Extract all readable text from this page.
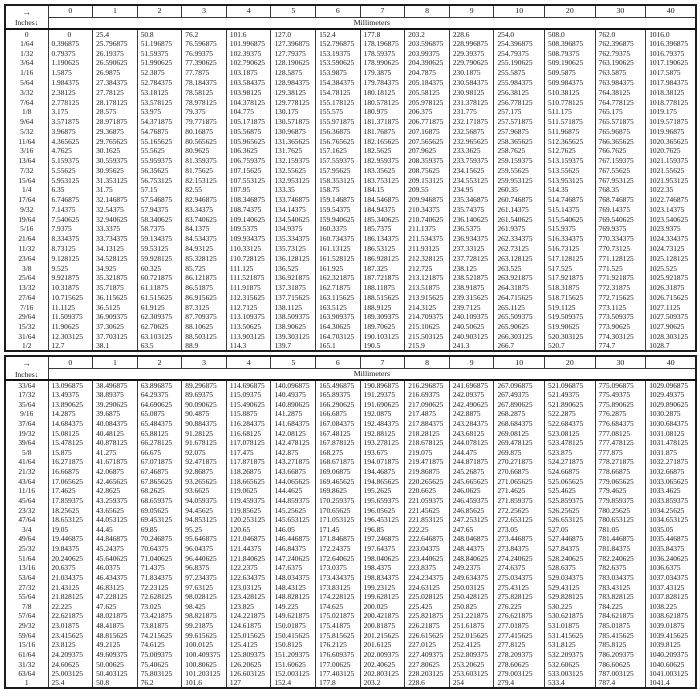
→
Inches↓	0	1	2	3	4	5	6	7	8	9	10	20	30	40
	Millimeters													
0	0	25.4	50.8	76.2	101.6	127.0	152.4	177.8	203.2	228.6	254.0	508.0	762.0	1016.0
1/64	0.396875	25.796875	51.196875	76.596875	101.996875	127.396875	152.796875	178.196875	203.596875	228.996875	254.396875	508.396875	762.396875	1016.396875
1/32	0.79375	26.19375	51.59375	76.99375	102.39375	127.79375	153.19375	178.59375	203.99375	229.39375	254.79375	508.79375	762.79375	1016.79375
3/64	1.190625	26.590625	51.990625	77.390625	102.790625	128.190625	153.590625	178.990625	204.390625	229.790625	255.190625	509.190625	763.190625	1017.190625
1/16	1.5875	26.9875	52.3875	77.7875	103.1875	128.5875	153.9875	179.3875	204.7875	230.1875	255.5875	509.5875	763.5875	1017.5875
5/64	1.984375	27.384375	52.784375	78.184375	103.584375	128.984375	154.384375	179.784375	205.184375	230.584375	255.984375	509.984375	763.984375	1017.984375
3/32	2.38125	27.78125	53.18125	78.58125	103.98125	129.38125	154.78125	180.18125	205.58125	230.98125	256.38125	510.38125	764.38125	1018.38125
7/64	2.778125	28.178125	53.578125	78.978125	104.378125	129.778125	155.178125	180.578125	205.978125	231.378125	256.778125	510.778125	764.778125	1018.778125
1/8	3.175	28.575	53.975	79.375	104.775	130.175	155.575	180.975	206.375	231.775	257.175	511.175	765.175	1019.175
9/64	3.571875	28.971875	54.371875	79.771875	105.171875	130.571875	155.971875	181.371875	206.771875	232.171875	257.571875	511.571875	765.571875	1019.571875
5/32	3.96875	29.36875	54.76875	80.16875	105.56875	130.96875	156.36875	181.76875	207.16875	232.56875	257.96875	511.96875	765.96875	1019.96875
11/64	4.365625	29.765625	55.165625	80.565625	105.965625	131.365625	156.765625	182.165625	207.565625	232.965625	258.365625	512.365625	766.365625	1020.365625
3/16	4.7625	30.1625	55.5625	80.9625	106.3625	131.7625	157.1625	182.5625	207.9625	233.3625	258.7625	512.7625	766.7625	1020.7625
13/64	5.159375	30.559375	55.959375	81.359375	106.759375	132.159375	157.559375	182.959375	208.359375	233.759375	259.159375	513.159375	767.159375	1021.159375
7/32	5.55625	30.95625	56.35625	81.75625	107.15625	132.55625	157.95625	183.35625	208.75625	234.15625	259.55625	513.55625	767.55625	1021.55625
15/64	5.953125	31.353125	56.753125	82.153125	107.553125	132.953125	158.353125	183.753125	209.153125	234.553125	259.953125	513.953125	767.953125	1021.953125
1/4	6.35	31.75	57.15	82.55	107.95	133.35	158.75	184.15	209.55	234.95	260.35	514.35	768.35	1022.35
17/64	6.746875	32.146875	57.546875	82.946875	108.346875	133.746875	159.146875	184.546875	209.946875	235.346875	260.746875	514.746875	768.746875	1022.746875
9/32	7.14375	32.54375	57.94375	83.34375	108.74375	134.14375	159.54375	184.94375	210.34375	235.74375	261.14375	515.14375	769.14375	1023.14375
19/64	7.540625	32.940625	58.340625	83.740625	109.140625	134.540625	159.940625	185.340625	210.740625	236.140625	261.540625	515.540625	769.540625	1023.540625
5/16	7.9375	33.3375	58.7375	84.1375	109.5375	134.9375	160.3375	185.7375	211.1375	236.5375	261.9375	515.9375	769.9375	1023.9375
21/64	8.334375	33.734375	59.134375	84.534375	109.934375	135.334375	160.734375	186.134375	211.534375	236.934375	262.334375	516.334375	770.334375	1024.334375
11/32	8.73125	34.13125	59.53125	84.93125	110.33125	135.73125	161.13125	186.53125	211.93125	237.33125	262.73125	516.73125	770.73125	1024.73125
23/64	9.128125	34.528125	59.928125	85.328125	110.728125	136.128125	161.528125	186.928125	212.328125	237.728125	263.128125	517.128125	771.128125	1025.128125
3/8	9.525	34.925	60.325	85.725	111.125	136.525	161.925	187.325	212.725	238.125	263.525	517.525	771.525	1025.525
25/64	9.921875	35.321875	60.721875	86.121875	111.521875	136.921875	162.321875	187.721875	213.121875	238.521875	263.921875	517.921875	771.921875	1025.921875
13/32	10.31875	35.71875	61.11875	86.51875	111.91875	137.31875	162.71875	188.11875	213.51875	238.91875	264.31875	518.31875	772.31875	1026.31875
27/64	10.715625	36.115625	61.515625	86.915625	112.315625	137.715625	163.115625	188.515625	213.915625	239.315625	264.715625	518.715625	772.715625	1026.715625
7/16	11.1125	36.5125	61.9125	87.3125	112.7125	138.1125	163.5125	188.9125	214.3125	239.7125	265.1125	519.1125	773.1125	1027.1125
29/64	11.509375	36.909375	62.309375	87.709375	113.109375	138.509375	163.909375	189.309375	214.709375	240.109375	265.509375	519.509375	773.509375	1027.509375
15/32	11.90625	37.30625	62.70625	88.10625	113.50625	138.90625	164.30625	189.70625	215.10625	240.50625	265.90625	519.90625	773.90625	1027.90625
31/64	12.303125	37.703125	63.103125	88.503125	113.903125	139.303125	164.703125	190.103125	215.503125	240.903125	266.303125	520.303125	774.303125	1028.303125
1/2	12.7	38.1	63.5	88.9	114.3	139.7	165.1	190.5	215.9	241.3	266.7	520.7	774.7	1028.7
→
Inches↓	0	1	2	3	4	5	6	7	8	9	10	20	30	40
	Millimeters													
33/64	13.096875	38.496875	63.896875	89.296875	114.696875	140.096875	165.496875	190.896875	216.296875	241.696875	267.096875	521.096875	775.096875	1029.096875
17/32	13.49375	38.89375	64.29375	89.69375	115.09375	140.49375	165.89375	191.29375	216.69375	242.09375	267.49375	521.49375	775.49375	1029.49375
35/64	13.890625	39.290625	64.690625	90.090625	115.490625	140.890625	166.290625	191.690625	217.090625	242.490625	267.890625	521.890625	775.890625	1029.890625
9/16	14.2875	39.6875	65.0875	90.4875	115.8875	141.2875	166.6875	192.0875	217.4875	242.8875	268.2875	522.2875	776.2875	1030.2875
37/64	14.684375	40.084375	65.484375	90.884375	116.284375	141.684375	167.084375	192.484375	217.884375	243.284375	268.684375	522.684375	776.684375	1030.684375
19/32	15.08125	40.48125	65.88125	91.28125	116.68125	142.08125	167.48125	192.88125	218.28125	243.68125	269.08125	523.08125	777.08125	1031.08125
39/64	15.478125	40.878125	66.278125	91.678125	117.078125	142.478125	167.878125	193.278125	218.678125	244.078125	269.478125	523.478125	777.478125	1031.478125
5/8	15.875	41.275	66.675	92.075	117.475	142.875	168.275	193.675	219.075	244.475	269.875	523.875	777.875	1031.875
41/64	16.271875	41.671875	67.071875	92.471875	117.871875	143.271875	168.671875	194.071875	219.471875	244.871875	270.271875	524.271875	778.271875	1032.271875
21/32	16.66875	42.06875	67.46875	92.86875	118.26875	143.66875	169.06875	194.46875	219.86875	245.26875	270.66875	524.66875	778.66875	1032.66875
43/64	17.065625	42.465625	67.865625	93.265625	118.665625	144.065625	169.465625	194.865625	220.265625	245.665625	271.065625	525.065625	779.065625	1033.065625
11/16	17.4625	42.8625	68.2625	93.6625	119.0625	144.4625	169.8625	195.2625	220.6625	246.0625	271.4625	525.4625	779.4625	1033.4625
45/64	17.859375	43.259375	68.659375	94.059375	119.459375	144.859375	170.259375	195.659375	221.059375	246.459375	271.859375	525.859375	779.859375	1033.859375
23/32	18.25625	43.65625	69.05625	94.45625	119.85625	145.25625	170.65625	196.05625	221.45625	246.85625	272.25625	526.25625	780.25625	1034.25625
47/64	18.653125	44.053125	69.453125	94.853125	120.253125	145.653125	171.053125	196.453125	221.853125	247.253125	272.653125	526.653125	780.653125	1034.653125
3/4	19.05	44.45	69.85	95.25	120.65	146.05	171.45	196.85	222.25	247.65	273.05	527.05	781.05	1035.05
49/64	19.446875	44.846875	70.246875	95.646875	121.046875	146.446875	171.846875	197.246875	222.646875	248.046875	273.446875	527.446875	781.446875	1035.446875
25/32	19.84375	45.24375	70.64375	96.04375	121.44375	146.84375	172.24375	197.64375	223.04375	248.44375	273.84375	527.84375	781.84375	1035.84375
51/64	20.240625	45.640625	71.040625	96.440625	121.840625	147.240625	172.640625	198.040625	223.440625	248.840625	274.240625	528.240625	782.240625	1036.240625
13/16	20.6375	46.0375	71.4375	96.8375	122.2375	147.6375	173.0375	198.4375	223.8375	249.2375	274.6375	528.6375	782.6375	1036.6375
53/64	21.034375	46.434375	71.834375	97.234375	122.634375	148.034375	173.434375	198.834375	224.234375	249.634375	275.034375	529.034375	783.034375	1037.034375
27/32	21.43125	46.83125	72.23125	97.63125	123.03125	148.43125	173.83125	199.23125	224.63125	250.03125	275.43125	529.43125	783.43125	1037.43125
55/64	21.828125	47.228125	72.628125	98.028125	123.428125	148.828125	174.228125	199.628125	225.028125	250.428125	275.828125	529.828125	783.828125	1037.828125
7/8	22.225	47.625	73.025	98.425	123.825	149.225	174.625	200.025	225.425	250.825	276.225	530.225	784.225	1038.225
57/64	22.621875	48.021875	73.421875	98.821875	124.221875	149.621875	175.021875	200.421875	225.821875	251.221875	276.621875	530.621875	784.621875	1038.621875
29/32	23.01875	48.41875	73.81875	99.21875	124.61875	150.01875	175.41875	200.81875	226.21875	251.61875	277.01875	531.01875	785.01875	1039.01875
59/64	23.415625	48.815625	74.215625	99.615625	125.015625	150.415625	175.815625	201.215625	226.615625	252.015625	277.415625	531.415625	785.415625	1039.415625
15/16	23.8125	49.2125	74.6125	100.0125	125.4125	150.8125	176.2125	201.6125	227.0125	252.4125	277.8125	531.8125	785.8125	1039.8125
61/64	24.209375	49.609375	75.009375	100.409375	125.809375	151.209375	176.609375	202.009375	227.409375	252.809375	278.209375	532.209375	786.209375	1040.209375
31/32	24.60625	50.00625	75.40625	100.80625	126.20625	151.60625	177.00625	202.40625	227.80625	253.20625	278.60625	532.60625	786.60625	1040.60625
63/64	25.003125	50.403125	75.803125	101.203125	126.603125	152.003125	177.403125	202.803125	228.203125	253.603125	279.003125	533.003125	787.003125	1041.003125
1	25.4	50.8	76.2	101.6	127	152.4	177.8	203.2	228.6	254	279.4	533.4	787.4	1041.4
